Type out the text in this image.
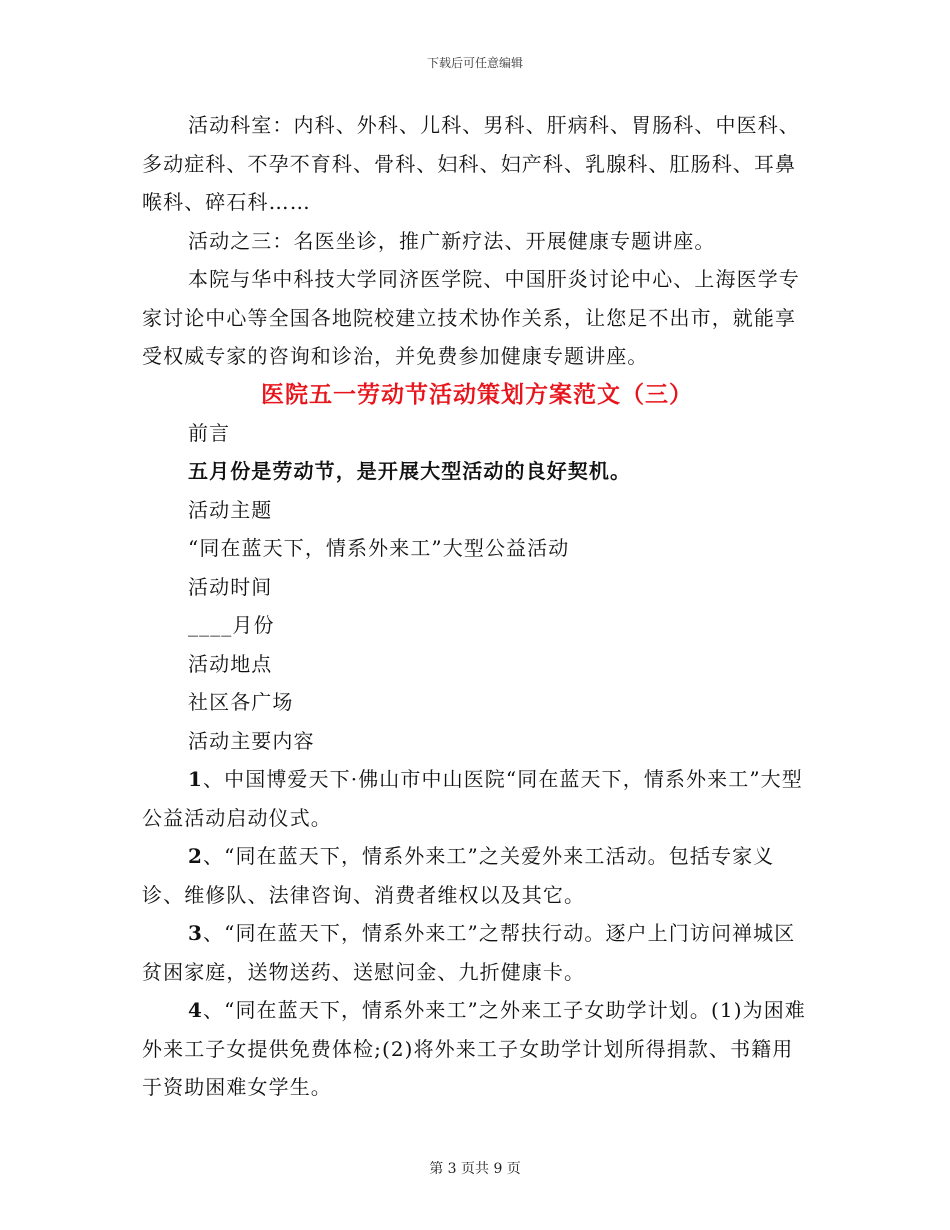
下载后可任意编辑

活动科室：内科、外科、儿科、男科、肝病科、胃肠科、中医科、多动症科、不孕不育科、骨科、妇科、妇产科、乳腺科、肛肠科、耳鼻喉科、碎石科……

活动之三：名医坐诊，推广新疗法、开展健康专题讲座。

本院与华中科技大学同济医学院、中国肝炎讨论中心、上海医学专家讨论中心等全国各地院校建立技术协作关系，让您足不出市，就能享受权威专家的咨询和诊治，并免费参加健康专题讲座。

医院五一劳动节活动策划方案范文（三）

前言

五月份是劳动节，是开展大型活动的良好契机。

活动主题

“同在蓝天下，情系外来工”大型公益活动

活动时间

____月份

活动地点

社区各广场

活动主要内容

1、中国博爱天下·佛山市中山医院“同在蓝天下，情系外来工”大型公益活动启动仪式。

2、“同在蓝天下，情系外来工”之关爱外来工活动。包括专家义诊、维修队、法律咨询、消费者维权以及其它。

3、“同在蓝天下，情系外来工”之帮扶行动。逐户上门访问禅城区贫困家庭，送物送药、送慰问金、九折健康卡。

4、“同在蓝天下，情系外来工”之外来工子女助学计划。(1)为困难外来工子女提供免费体检;(2)将外来工子女助学计划所得捐款、书籍用于资助困难女学生。

第 3 页共 9 页
